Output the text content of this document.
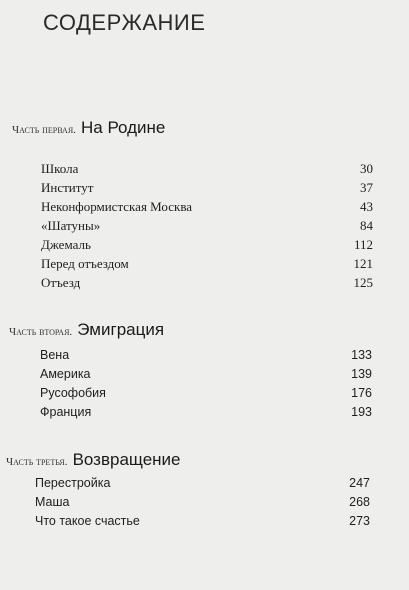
СОДЕРЖАНИЕ
Часть первая. На Родине
Школа	30
Институт	37
Неконформистская Москва	43
«Шатуны»	84
Джемаль	112
Перед отъездом	121
Отъезд	125
Часть вторая. Эмиграция
Вена	133
Америка	139
Русофобия	176
Франция	193
Часть третья. Возвращение
Перестройка	247
Маша	268
Что такое счастье	273
